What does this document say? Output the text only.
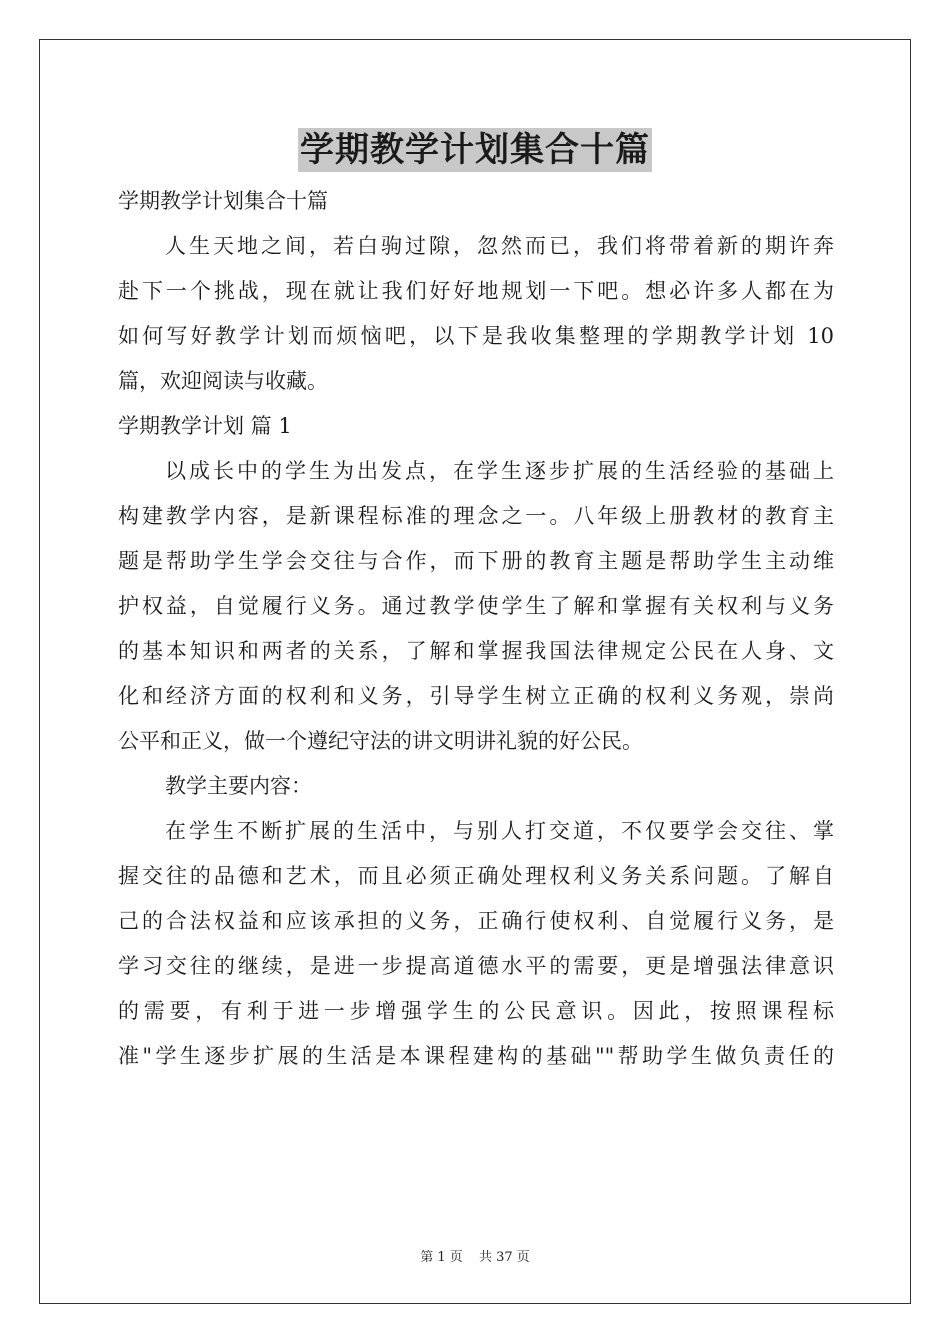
学期教学计划集合十篇
学期教学计划集合十篇
人生天地之间，若白驹过隙，忽然而已，我们将带着新的期许奔
赴下一个挑战，现在就让我们好好地规划一下吧。想必许多人都在为
如何写好教学计划而烦恼吧，以下是我收集整理的学期教学计划 10
篇，欢迎阅读与收藏。
学期教学计划 篇 1
以成长中的学生为出发点，在学生逐步扩展的生活经验的基础上
构建教学内容，是新课程标准的理念之一。八年级上册教材的教育主
题是帮助学生学会交往与合作，而下册的教育主题是帮助学生主动维
护权益，自觉履行义务。通过教学使学生了解和掌握有关权利与义务
的基本知识和两者的关系，了解和掌握我国法律规定公民在人身、文
化和经济方面的权利和义务，引导学生树立正确的权利义务观，崇尚
公平和正义，做一个遵纪守法的讲文明讲礼貌的好公民。
教学主要内容：
在学生不断扩展的生活中，与别人打交道，不仅要学会交往、掌
握交往的品德和艺术，而且必须正确处理权利义务关系问题。了解自
己的合法权益和应该承担的义务，正确行使权利、自觉履行义务，是
学习交往的继续，是进一步提高道德水平的需要，更是增强法律意识
的需要，有利于进一步增强学生的公民意识。因此，按照课程标
准"学生逐步扩展的生活是本课程建构的基础""帮助学生做负责任的
第 1 页 共 37 页
